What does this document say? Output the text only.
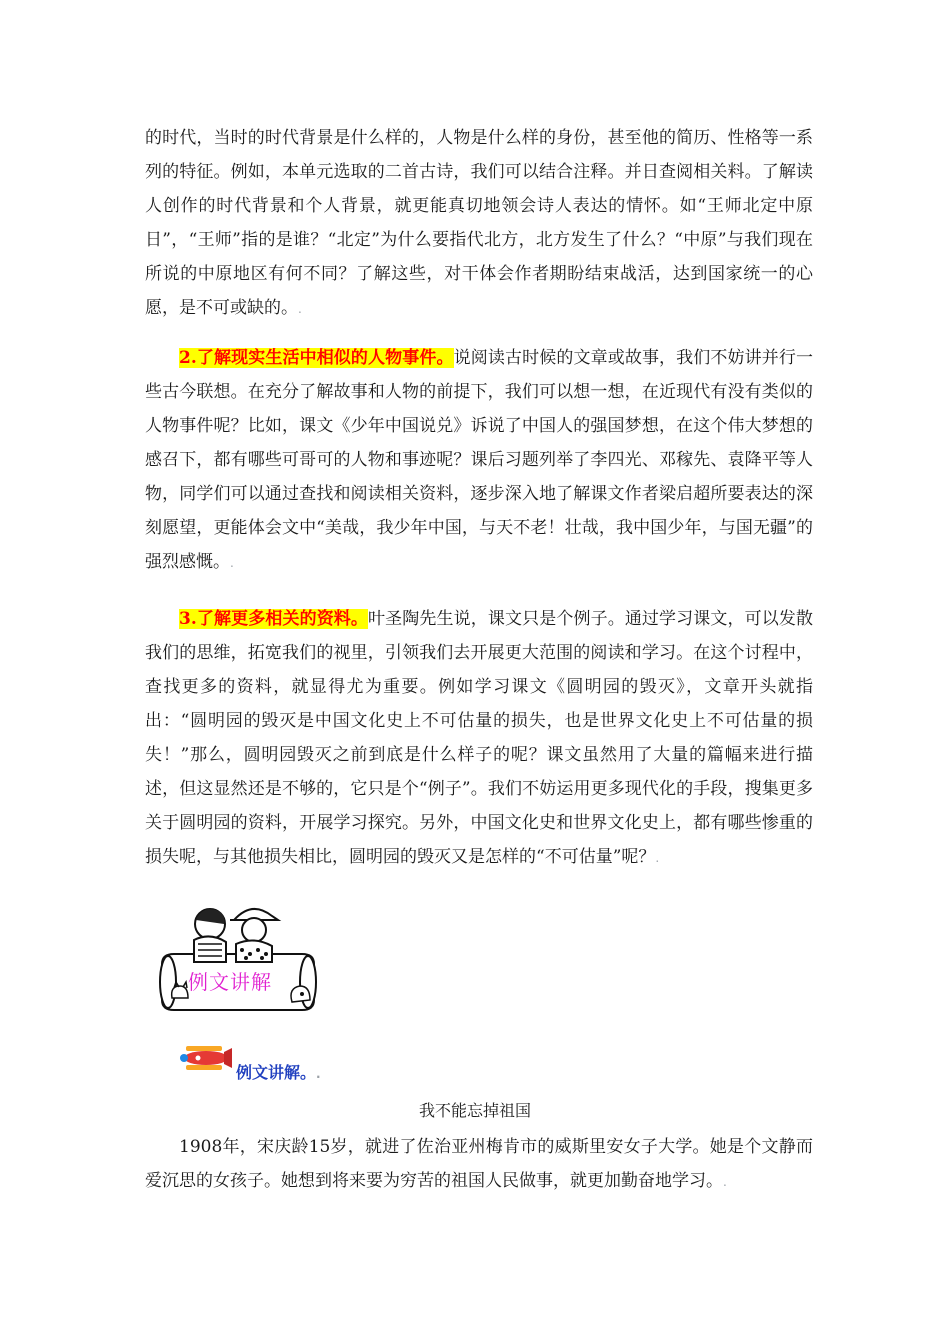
的时代，当时的时代背景是什么样的，人物是什么样的身份，甚至他的简历、性格等一系列的特征。例如，本单元选取的二首古诗，我们可以结合注释。并日查阅相关料。了解读人创作的时代背景和个人背景，就更能真切地领会诗人表达的情怀。如“王师北定中原日”，“王师”指的是谁？“北定”为什么要指代北方，北方发生了什么？“中原”与我们现在所说的中原地区有何不同？了解这些，对干体会作者期盼结束战活，达到国家统一的心愿，是不可或缺的。.

2.了解现实生活中相似的人物事件。说阅读古时候的文章或故事，我们不妨讲并行一些古今联想。在充分了解故事和人物的前提下，我们可以想一想，在近现代有没有类似的人物事件呢？比如，课文《少年中国说兑》诉说了中国人的强国梦想，在这个伟大梦想的感召下，都有哪些可哥可的人物和事迹呢？课后习题列举了李四光、邓稼先、袁降平等人物，同学们可以通过查找和阅读相关资料，逐步深入地了解课文作者梁启超所要表达的深刻愿望，更能体会文中“美哉，我少年中国，与天不老！壮哉，我中国少年，与国无疆”的强烈感慨。.

3.了解更多相关的资料。叶圣陶先生说，课文只是个例子。通过学习课文，可以发散我们的思维，拓宽我们的视里，引领我们去开展更大范围的阅读和学习。在这个讨程中，查找更多的资料，就显得尤为重要。例如学习课文《圆明园的毁灭》，文章开头就指出：“圆明园的毁灭是中国文化史上不可估量的损失，也是世界文化史上不可估量的损失！”那么，圆明园毁灭之前到底是什么样子的呢？课文虽然用了大量的篇幅来进行描述，但这显然还是不够的，它只是个“例子”。我们不妨运用更多现代化的手段，搜集更多关于圆明园的资料，开展学习探究。另外，中国文化史和世界文化史上，都有哪些惨重的损失呢，与其他损失相比，圆明园的毁灭又是怎样的“不可估量”呢？.

例文讲解
例文讲解。.
我不能忘掉祖国

1908年，宋庆龄15岁，就进了佐治亚州梅肯市的威斯里安女子大学。她是个文静而爱沉思的女孩子。她想到将来要为穷苦的祖国人民做事，就更加勤奋地学习。.
